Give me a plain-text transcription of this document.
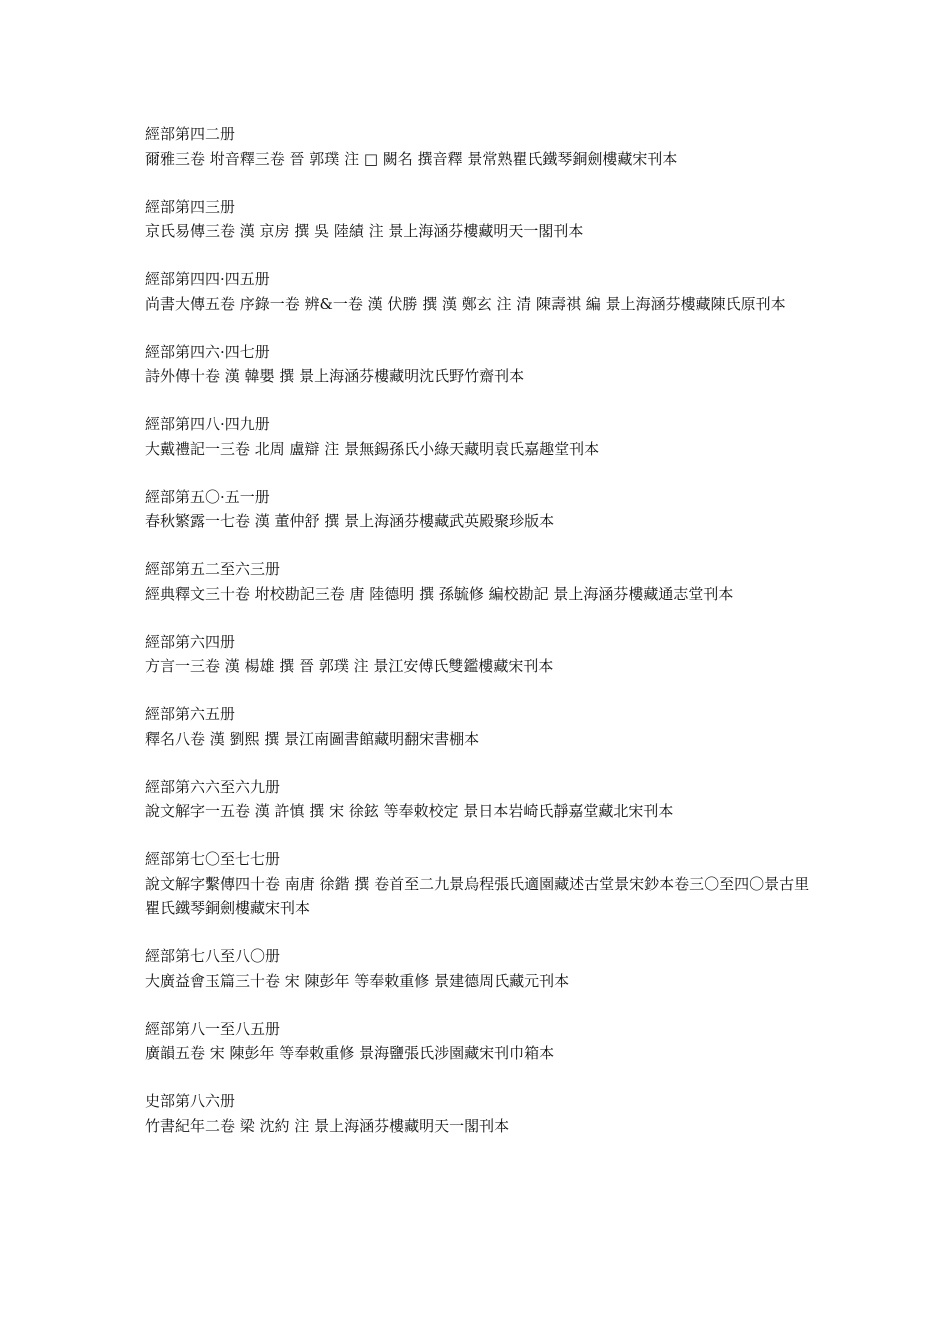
經部第四二册
爾雅三卷 坿音釋三卷 晉 郭璞 注 □ 闕名 撰音釋 景常熟瞿氏鐵琴銅劍樓藏宋刊本
經部第四三册
京氏易傳三卷 漢 京房 撰 吳 陸績 注 景上海涵芬樓藏明天一閣刊本
經部第四四·四五册
尚書大傳五卷 序錄一卷 辨&一卷 漢 伏勝 撰 漢 鄭玄 注 清 陳壽祺 編 景上海涵芬樓藏陳氏原刊本
經部第四六·四七册
詩外傳十卷 漢 韓嬰 撰 景上海涵芬樓藏明沈氏野竹齋刊本
經部第四八·四九册
大戴禮記一三卷 北周 盧辯 注 景無錫孫氏小綠天藏明袁氏嘉趣堂刊本
經部第五〇·五一册
春秋繁露一七卷 漢 董仲舒 撰 景上海涵芬樓藏武英殿聚珍版本
經部第五二至六三册
經典釋文三十卷 坿校勘記三卷 唐 陸德明 撰 孫毓修 編校勘記 景上海涵芬樓藏通志堂刊本
經部第六四册
方言一三卷 漢 楊雄 撰 晉 郭璞 注 景江安傅氏雙鑑樓藏宋刊本
經部第六五册
釋名八卷 漢 劉熙 撰 景江南圖書館藏明翻宋書棚本
經部第六六至六九册
說文解字一五卷 漢 許慎 撰 宋 徐鉉 等奉敕校定 景日本岩崎氏靜嘉堂藏北宋刊本
經部第七〇至七七册
說文解字繫傳四十卷 南唐 徐鍇 撰 卷首至二九景烏程張氏適園藏述古堂景宋鈔本卷三〇至四〇景古里瞿氏鐵琴銅劍樓藏宋刊本
經部第七八至八〇册
大廣益會玉篇三十卷 宋 陳彭年 等奉敕重修 景建德周氏藏元刊本
經部第八一至八五册
廣韻五卷 宋 陳彭年 等奉敕重修 景海鹽張氏涉園藏宋刊巾箱本
史部第八六册
竹書紀年二卷 梁 沈約 注 景上海涵芬樓藏明天一閣刊本
